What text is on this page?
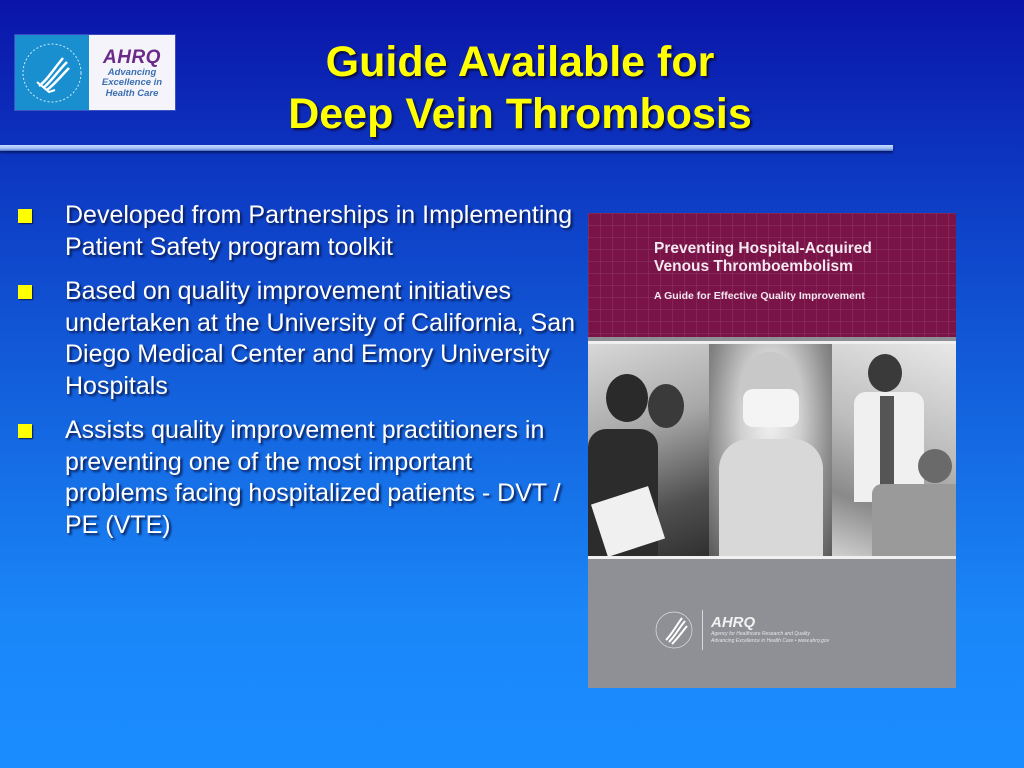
AHRQ
Advancing
Excellence in
Health Care
Guide Available for
Deep Vein Thrombosis
Developed from Partnerships in Implementing Patient Safety program toolkit
Based on quality improvement initiatives undertaken at the University of California, San Diego Medical Center and Emory University Hospitals
Assists quality improvement practitioners in preventing one of the most important problems facing hospitalized patients - DVT / PE (VTE)
Preventing Hospital-Acquired
Venous Thromboembolism
A Guide for Effective Quality Improvement
AHRQ
Agency for Healthcare Research and Quality
Advancing Excellence in Health Care • www.ahrq.gov
